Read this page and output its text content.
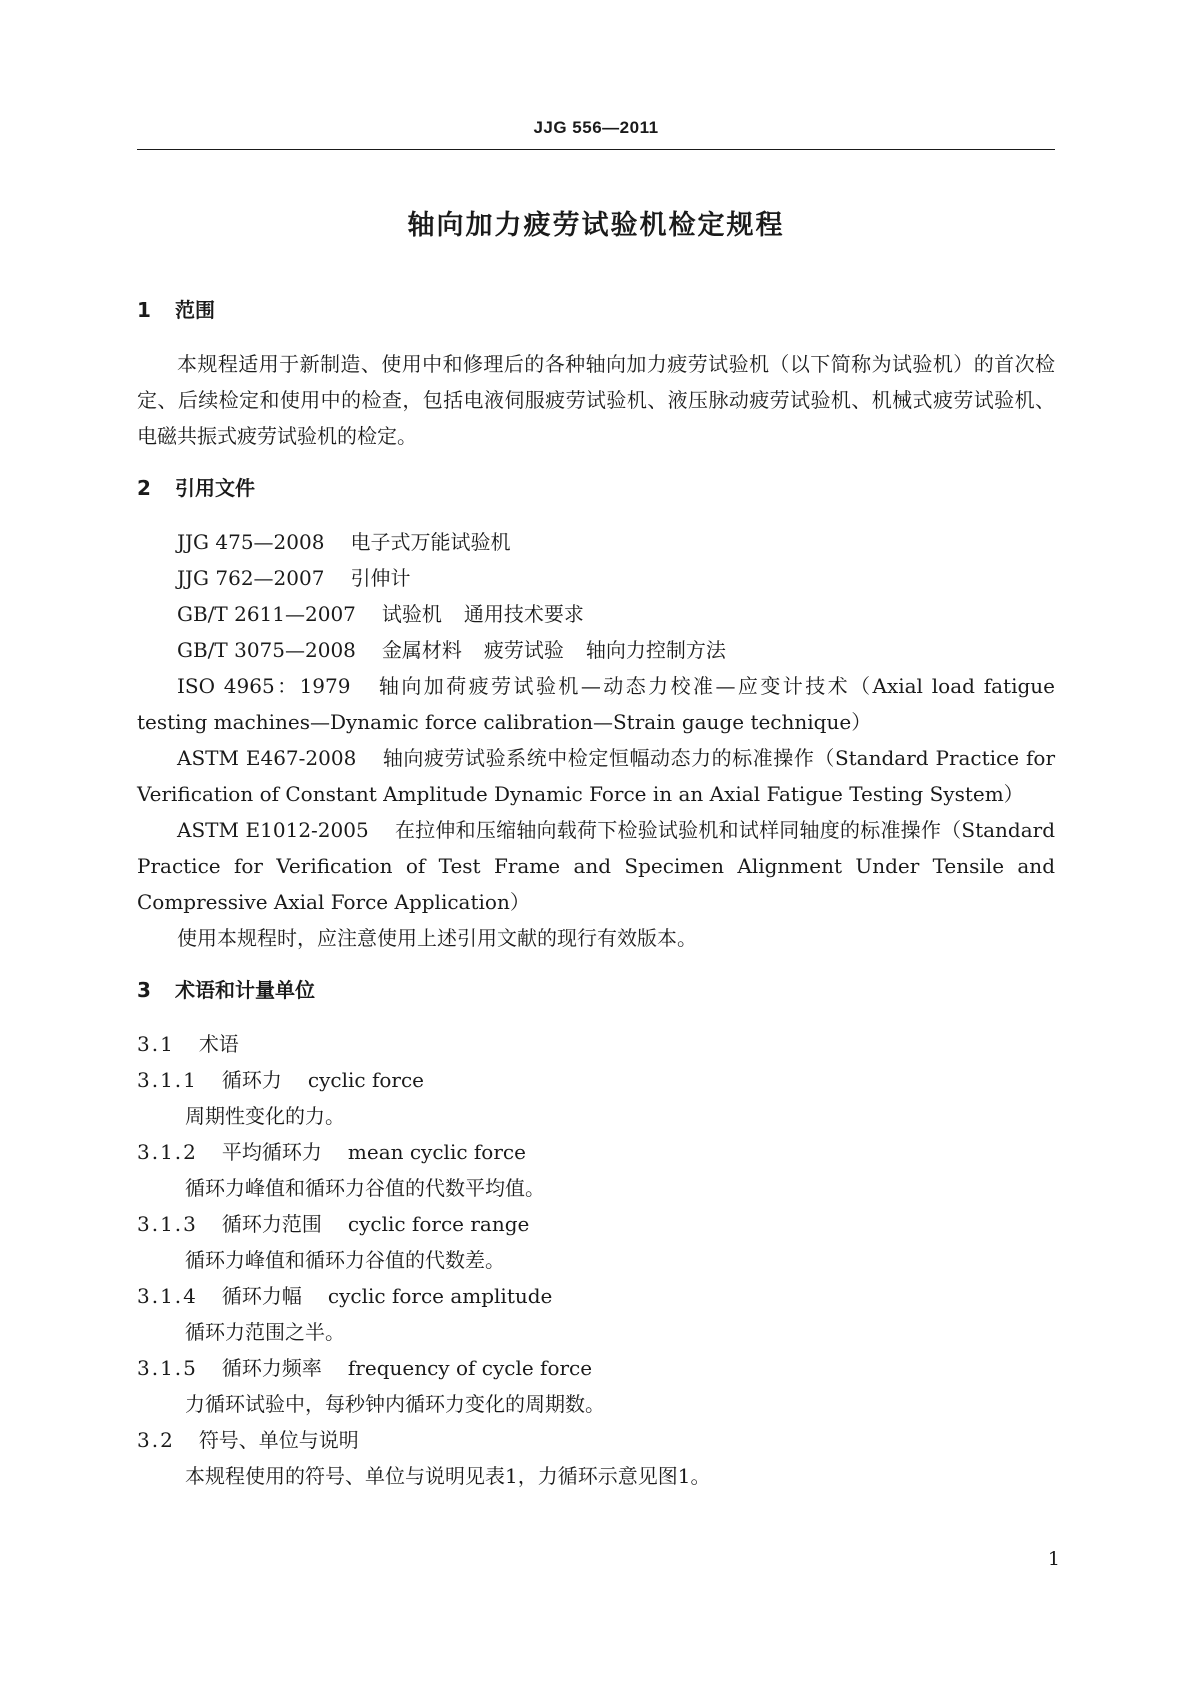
JJG 556—2011
轴向加力疲劳试验机检定规程
1 范围

本规程适用于新制造、使用中和修理后的各种轴向加力疲劳试验机（以下简称为试验机）的首次检定、后续检定和使用中的检查，包括电液伺服疲劳试验机、液压脉动疲劳试验机、机械式疲劳试验机、电磁共振式疲劳试验机的检定。

2 引用文件

JJG 475—2008 电子式万能试验机

JJG 762—2007 引伸计

GB/T 2611—2007 试验机 通用技术要求

GB/T 3075—2008 金属材料 疲劳试验 轴向力控制方法

ISO 4965：1979 轴向加荷疲劳试验机—动态力校准—应变计技术（Axial load fatigue testing machines—Dynamic force calibration—Strain gauge technique）

ASTM E467-2008 轴向疲劳试验系统中检定恒幅动态力的标准操作（Standard Practice for Verification of Constant Amplitude Dynamic Force in an Axial Fatigue Testing System）

ASTM E1012-2005 在拉伸和压缩轴向载荷下检验试验机和试样同轴度的标准操作（Standard Practice for Verification of Test Frame and Specimen Alignment Under Tensile and Compressive Axial Force Application）

使用本规程时，应注意使用上述引用文献的现行有效版本。

3 术语和计量单位

3.1 术语

3.1.1 循环力 cyclic force

周期性变化的力。

3.1.2 平均循环力 mean cyclic force

循环力峰值和循环力谷值的代数平均值。

3.1.3 循环力范围 cyclic force range

循环力峰值和循环力谷值的代数差。

3.1.4 循环力幅 cyclic force amplitude

循环力范围之半。

3.1.5 循环力频率 frequency of cycle force

力循环试验中，每秒钟内循环力变化的周期数。

3.2 符号、单位与说明

本规程使用的符号、单位与说明见表1，力循环示意见图1。

1
